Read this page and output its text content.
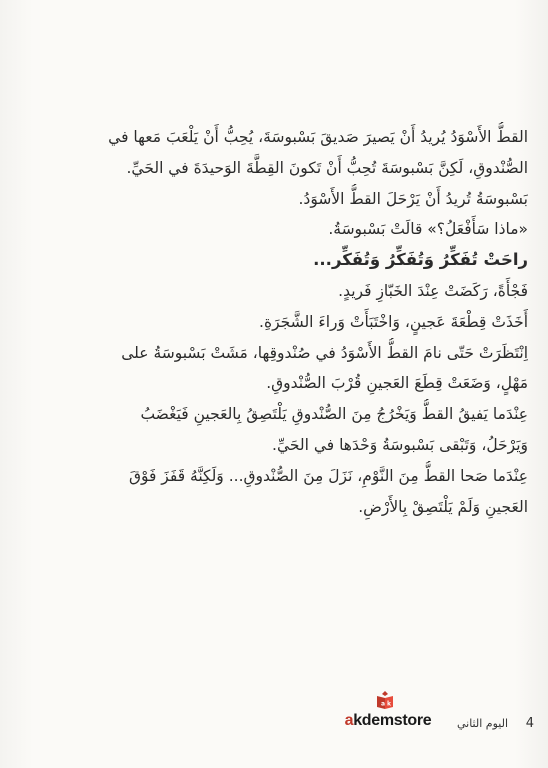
القطُّ الأَسْوَدُ يُريدُ أَنْ يَصيرَ صَديقَ بَسْبوسَةَ، يُحِبُّ أَنْ يَلْعَبَ مَعها في
الصُّنْدوقِ، لَكِنَّ بَسْبوسَةَ تُحِبُّ أَنْ تَكونَ القِطَّةَ الوَحيدَةَ في الحَيِّ.
بَسْبوسَةُ تُريدُ أَنْ يَرْحَلَ القطُّ الأَسْوَدُ.
«ماذا سَأَفْعَلُ؟» قالَتْ بَسْبوسَةُ.
راحَتْ تُفَكِّرُ وَتُفَكِّرُ وَتُفَكِّر...
فَجْأَةً، رَكَضَتْ عِنْدَ الخَبّازِ فَريدٍ.
أَخَذَتْ قِطْعَةَ عَجينٍ، وَاخْتَبَأَتْ وَراءَ الشَّجَرَةِ.
اِنْتَظَرَتْ حَتّى نامَ القطُّ الأَسْوَدُ في صُنْدوقِها، مَشَتْ بَسْبوسَةُ على
مَهْلٍ، وَضَعَتْ قِطَعَ العَجينِ قُرْبَ الصُّنْدوقِ.
عِنْدَما يَفيقُ القطُّ وَيَخْرُجُ مِنَ الصُّنْدوقِ يَلْتَصِقُ بِالعَجينِ فَيَغْضَبُ
وَيَرْحَلُ، وَتَبْقى بَسْبوسَةُ وَحْدَها في الحَيِّ.
عِنْدَما صَحا القطُّ مِنَ النَّوْمِ، نَزَلَ مِنَ الصُّنْدوقِ... وَلَكِنَّهُ قَفَزَ فَوْقَ
العَجينِ وَلَمْ يَلْتَصِقْ بِالأَرْضِ.
a k
akdemstore	اليوم الثاني 4
